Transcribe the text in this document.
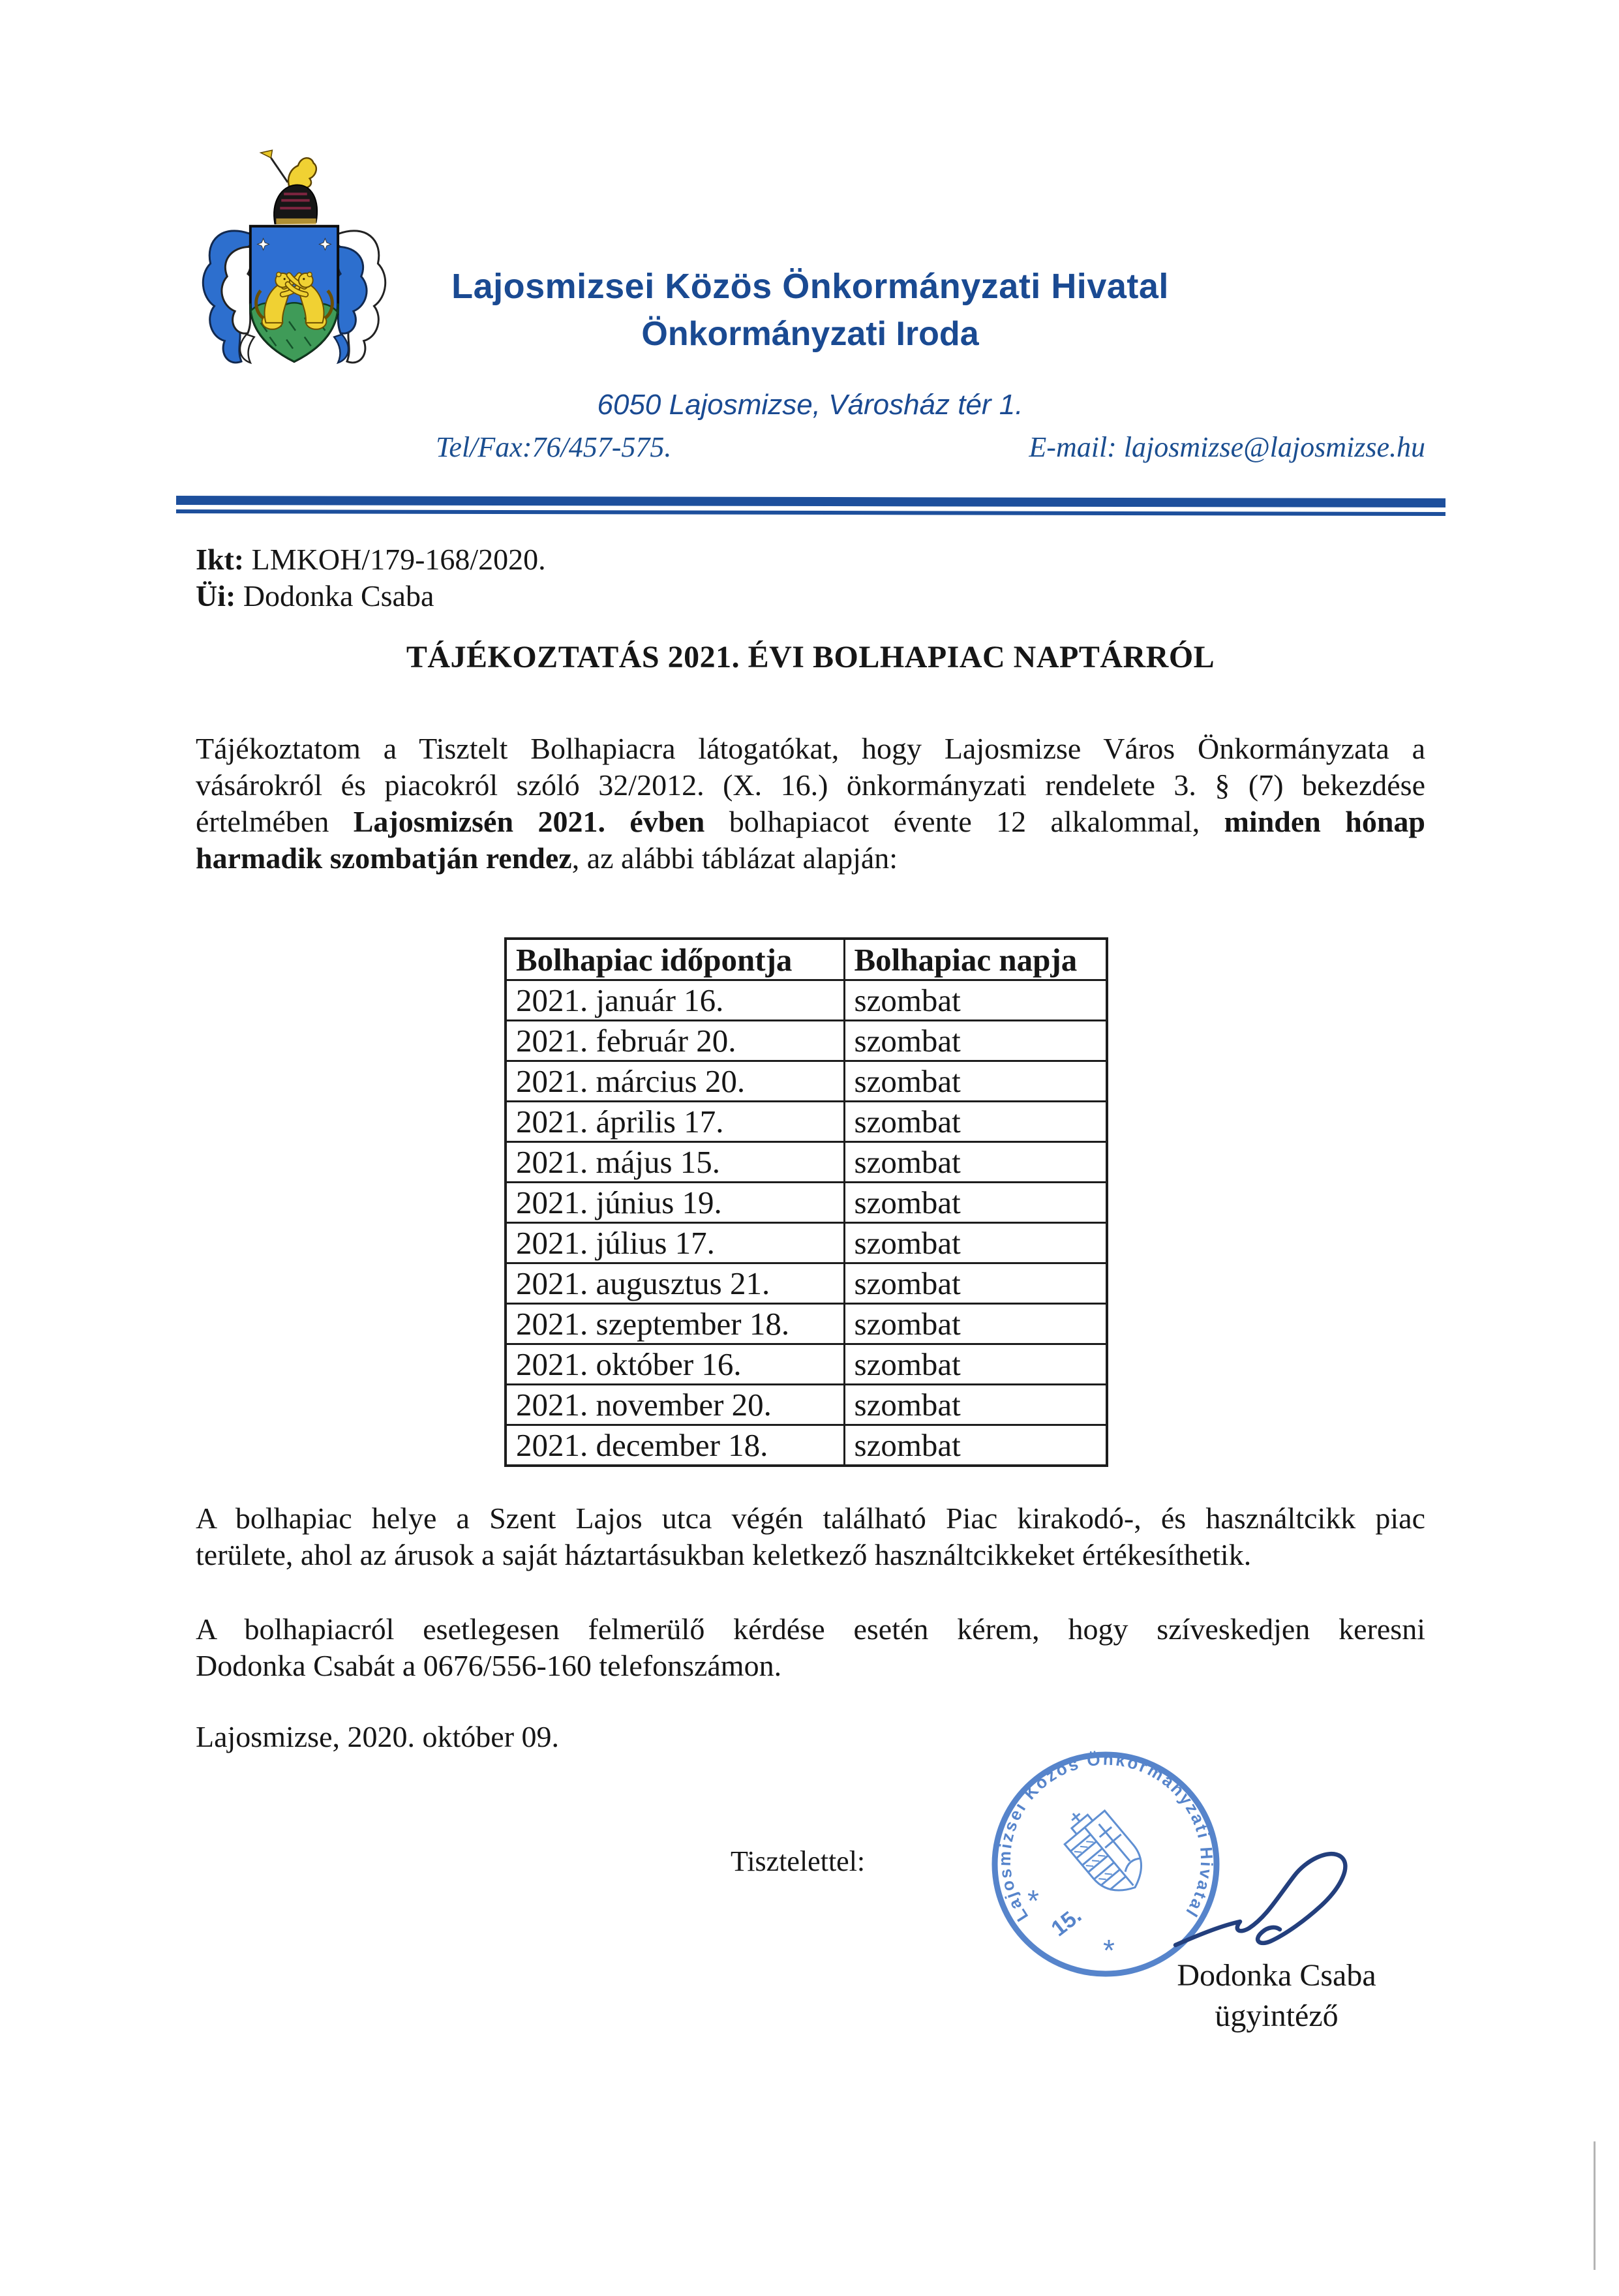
Lajosmizsei Közös Önkormányzati Hivatal
Önkormányzati Iroda
6050 Lajosmizse, Városház tér 1.
Tel/Fax:76/457-575.	E-mail: lajosmizse@lajosmizse.hu
Ikt: LMKOH/179-168/2020.
Üi: Dodonka Csaba
TÁJÉKOZTATÁS 2021. ÉVI BOLHAPIAC NAPTÁRRÓL
Tájékoztatom a Tisztelt Bolhapiacra látogatókat, hogy Lajosmizse Város Önkormányzata a
vásárokról és piacokról szóló 32/2012. (X. 16.) önkormányzati rendelete 3. § (7) bekezdése
értelmében Lajosmizsén 2021. évben bolhapiacot évente 12 alkalommal, minden hónap
harmadik szombatján rendez, az alábbi táblázat alapján:
A bolhapiac helye a Szent Lajos utca végén található Piac kirakodó-, és használtcikk piac
területe, ahol az árusok a saját háztartásukban keletkező használtcikkeket értékesíthetik.
A bolhapiacról esetlegesen felmerülő kérdése esetén kérem, hogy szíveskedjen keresni
Dodonka Csabát a 0676/556-160 telefonszámon.
Bolhapiac időpontja	Bolhapiac napja
2021. január 16.	szombat
2021. február 20.	szombat
2021. március 20.	szombat
2021. április 17.	szombat
2021. május 15.	szombat
2021. június 19.	szombat
2021. július 17.	szombat
2021. augusztus 21.	szombat
2021. szeptember 18.	szombat
2021. október 16.	szombat
2021. november 20.	szombat
2021. december 18.	szombat
Lajosmizse, 2020. október 09.
Tisztelettel:
Lajosmizsei Közös Önkormányzati Hivatal
15.
*
*
Dodonka Csaba
ügyintéző
